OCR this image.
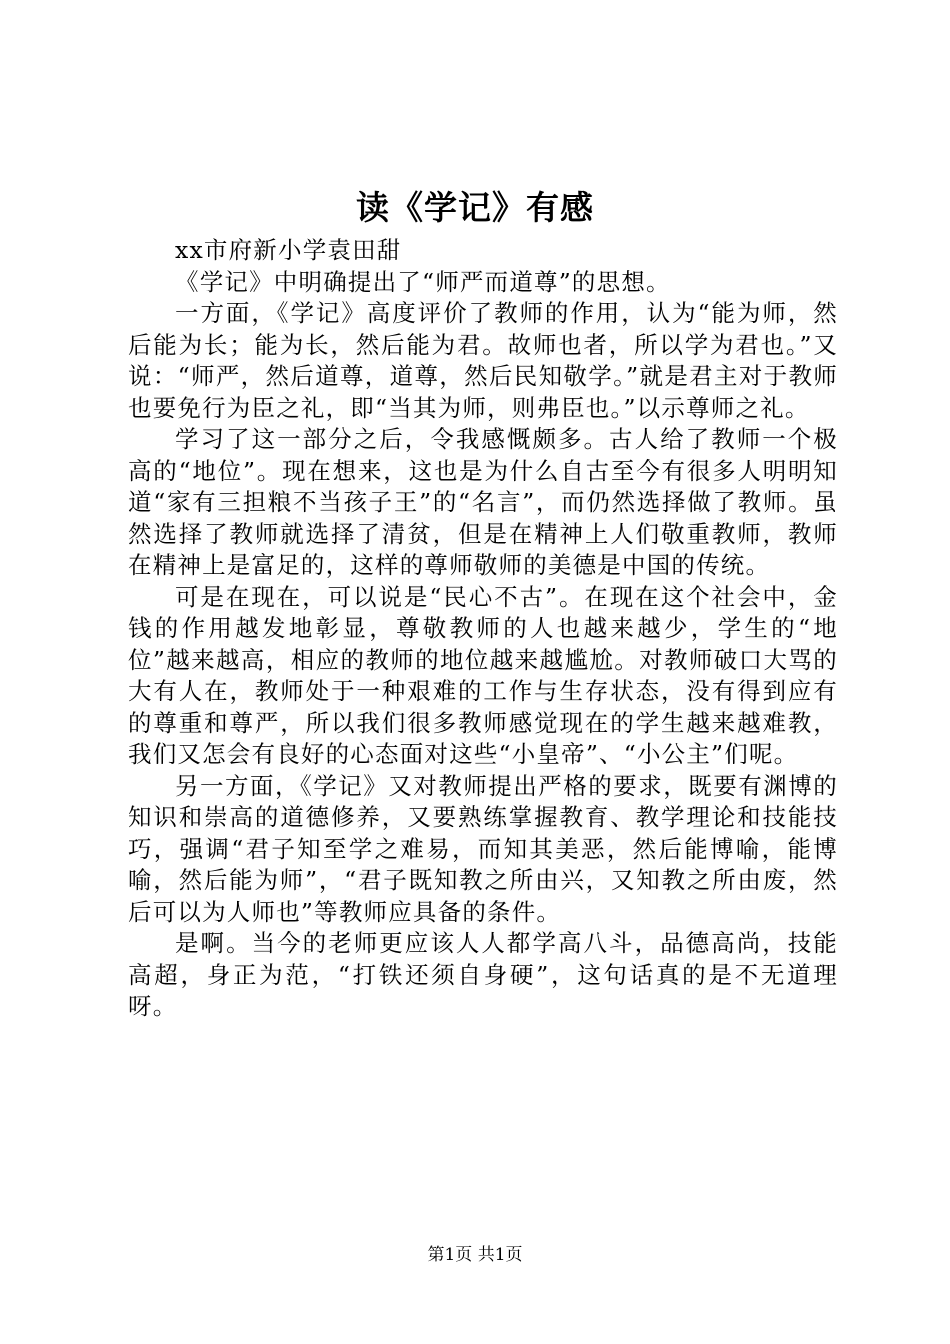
读《学记》有感

xx市府新小学袁田甜

《学记》中明确提出了“师严而道尊”的思想。

一方面，《学记》高度评价了教师的作用，认为“能为师，然后能为长；能为长，然后能为君。故师也者，所以学为君也。”又说：“师严，然后道尊，道尊，然后民知敬学。”就是君主对于教师也要免行为臣之礼，即“当其为师，则弗臣也。”以示尊师之礼。

学习了这一部分之后，令我感慨颇多。古人给了教师一个极高的“地位”。现在想来，这也是为什么自古至今有很多人明明知道“家有三担粮不当孩子王”的“名言”，而仍然选择做了教师。虽然选择了教师就选择了清贫，但是在精神上人们敬重教师，教师在精神上是富足的，这样的尊师敬师的美德是中国的传统。

可是在现在，可以说是“民心不古”。在现在这个社会中，金钱的作用越发地彰显，尊敬教师的人也越来越少，学生的“地位”越来越高，相应的教师的地位越来越尴尬。对教师破口大骂的大有人在，教师处于一种艰难的工作与生存状态，没有得到应有的尊重和尊严，所以我们很多教师感觉现在的学生越来越难教，我们又怎会有良好的心态面对这些“小皇帝”、“小公主”们呢。

另一方面，《学记》又对教师提出严格的要求，既要有渊博的知识和崇高的道德修养，又要熟练掌握教育、教学理论和技能技巧，强调“君子知至学之难易，而知其美恶，然后能博喻，能博喻，然后能为师”，“君子既知教之所由兴，又知教之所由废，然后可以为人师也”等教师应具备的条件。

是啊。当今的老师更应该人人都学高八斗，品德高尚，技能高超，身正为范，“打铁还须自身硬”，这句话真的是不无道理呀。

第1页 共1页
